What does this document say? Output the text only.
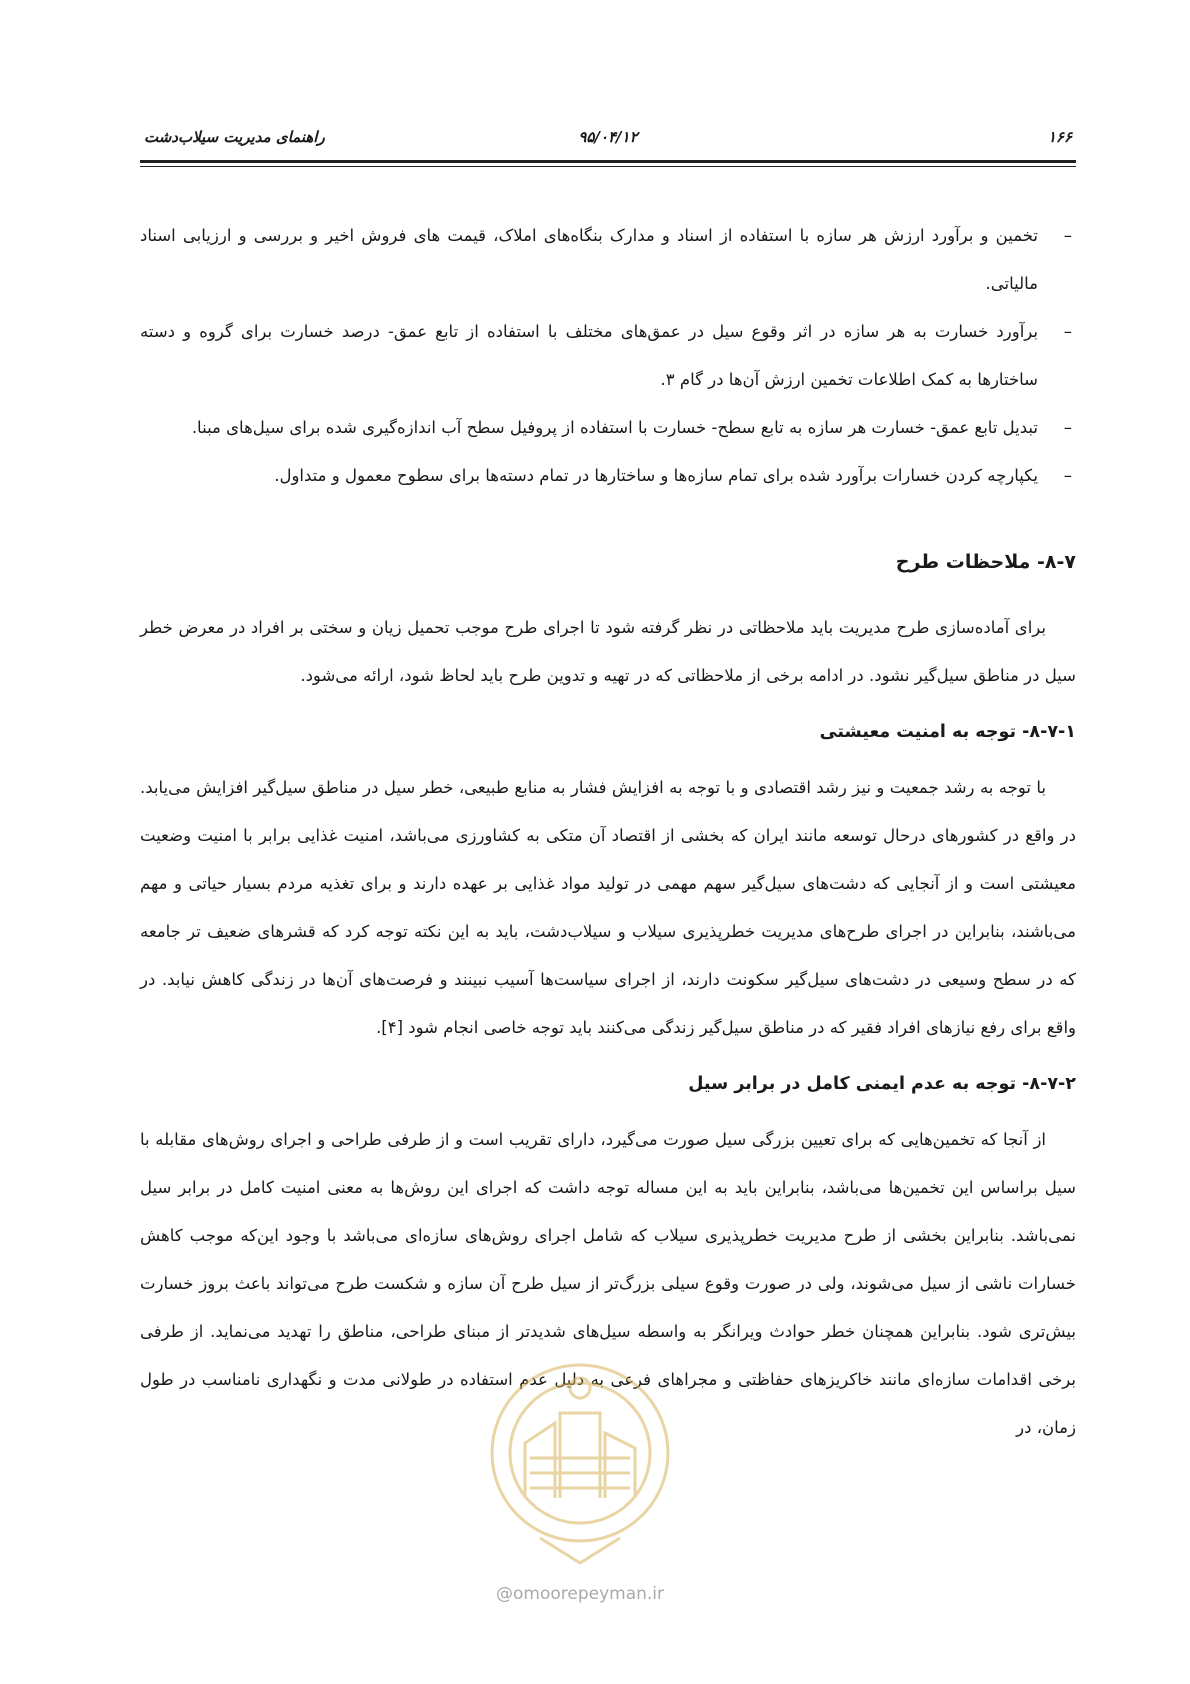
۱۶۶
۹۵/۰۴/۱۲
راهنمای مدیریت سیلاب‌دشت
–
تخمین و برآورد ارزش هر سازه با استفاده از اسناد و مدارک بنگاه‌های املاک، قیمت های فروش اخیر و بررسی و ارزیابی اسناد مالیاتی.
–
برآورد خسارت به هر سازه در اثر وقوع سیل در عمق‌های مختلف با استفاده از تابع عمق- درصد خسارت برای گروه و دسته ساختارها به کمک اطلاعات تخمین ارزش آن‌ها در گام ۳.
–
تبدیل تابع عمق- خسارت هر سازه به تابع سطح- خسارت با استفاده از پروفیل سطح آب اندازه‌گیری شده برای سیل‌های مبنا.
–
یکپارچه کردن خسارات برآورد شده برای تمام سازه‌ها و ساختارها در تمام دسته‌ها برای سطوح معمول و متداول.
۸-۷- ملاحظات طرح

برای آماده‌سازی طرح مدیریت باید ملاحظاتی در نظر گرفته شود تا اجرای طرح موجب تحمیل زیان و سختی بر افراد در معرض خطر سیل در مناطق سیل‌گیر نشود. در ادامه برخی از ملاحظاتی که در تهیه و تدوین طرح باید لحاظ شود، ارائه می‌شود.

۸-۷-۱- توجه به امنیت معیشتی

با توجه به رشد جمعیت و نیز رشد اقتصادی و با توجه به افزایش فشار به منابع طبیعی، خطر سیل در مناطق سیل‌گیر افزایش می‌یابد. در واقع در کشورهای درحال توسعه مانند ایران که بخشی از اقتصاد آن متکی به کشاورزی می‌باشد، امنیت غذایی برابر با امنیت وضعیت معیشتی است و از آنجایی که دشت‌های سیل‌گیر سهم مهمی در تولید مواد غذایی بر عهده دارند و برای تغذیه مردم بسیار حیاتی و مهم می‌باشند، بنابراین در اجرای طرح‌های مدیریت خطرپذیری سیلاب و سیلاب‌دشت، باید به این نکته توجه کرد که قشرهای ضعیف تر جامعه که در سطح وسیعی در دشت‌های سیل‌گیر سکونت دارند، از اجرای سیاست‌ها آسیب نبینند و فرصت‌های آن‌ها در زندگی کاهش نیابد. در واقع برای رفع نیازهای افراد فقیر که در مناطق سیل‌گیر زندگی می‌کنند باید توجه خاصی انجام شود [۴].

۸-۷-۲- توجه به عدم ایمنی کامل در برابر سیل

از آنجا که تخمین‌هایی که برای تعیین بزرگی سیل صورت می‌گیرد، دارای تقریب است و از طرفی طراحی و اجرای روش‌های مقابله با سیل براساس این تخمین‌ها می‌باشد، بنابراین باید به این مساله توجه داشت که اجرای این روش‌ها به معنی امنیت کامل در برابر سیل نمی‌باشد. بنابراین بخشی از طرح مدیریت خطرپذیری سیلاب که شامل اجرای روش‌های سازه‌ای می‌باشد با وجود این‌که موجب کاهش خسارات ناشی از سیل می‌شوند، ولی در صورت وقوع سیلی بزرگ‌تر از سیل طرح آن سازه و شکست طرح می‌تواند باعث بروز خسارت بیش‌تری شود. بنابراین همچنان خطر حوادث ویرانگر به واسطه سیل‌های شدیدتر از مبنای طراحی، مناطق را تهدید می‌نماید. از طرفی برخی اقدامات سازه‌ای مانند خاکریزهای حفاظتی و مجراهای فرعی به دلیل عدم استفاده در طولانی مدت و نگهداری نامناسب در طول زمان، در

@omoorepeyman.ir
